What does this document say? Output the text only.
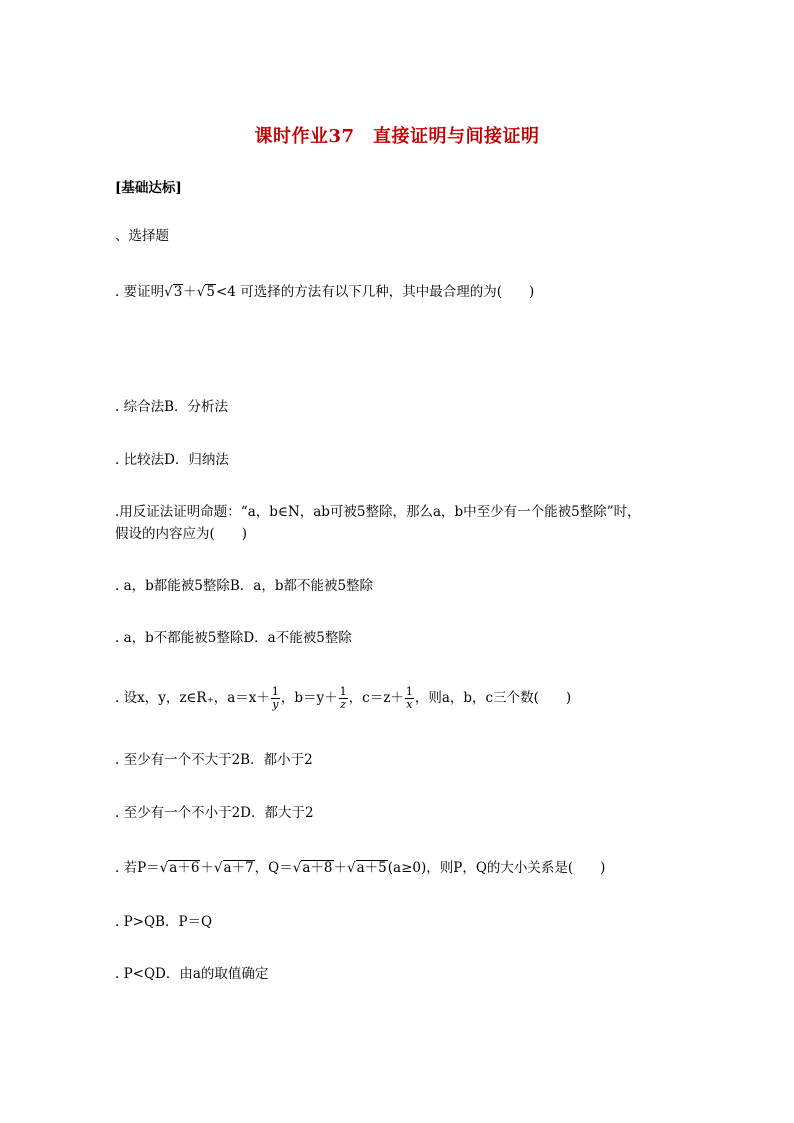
课时作业37　直接证明与间接证明
[基础达标]
、选择题
. 要证明√3＋√5<4 可选择的方法有以下几种，其中最合理的为(　　)
. 综合法B．分析法
. 比较法D．归纳法
.用反证法证明命题：“a，b∈N，ab可被5整除，那么a，b中至少有一个能被5整除”时，
假设的内容应为(　　)
. a，b都能被5整除B．a，b都不能被5整除
. a，b不都能被5整除D．a不能被5整除
. 设x，y，z∈R₊，$a=x+ \frac{1}{y}$ ，$b=y+ \frac{1}{z}$ ，$c=z+ \frac{1}{x}$ ，则a，b，c三个数(　　)
. 至少有一个不大于2B．都小于2
. 至少有一个不小于2D．都大于2
. 若P＝√a＋6＋√a＋7，Q＝√a＋8＋√a＋5(a≥0)，则P，Q的大小关系是(　　)
. P>QB．P＝Q
. P<QD．由a的取值确定
